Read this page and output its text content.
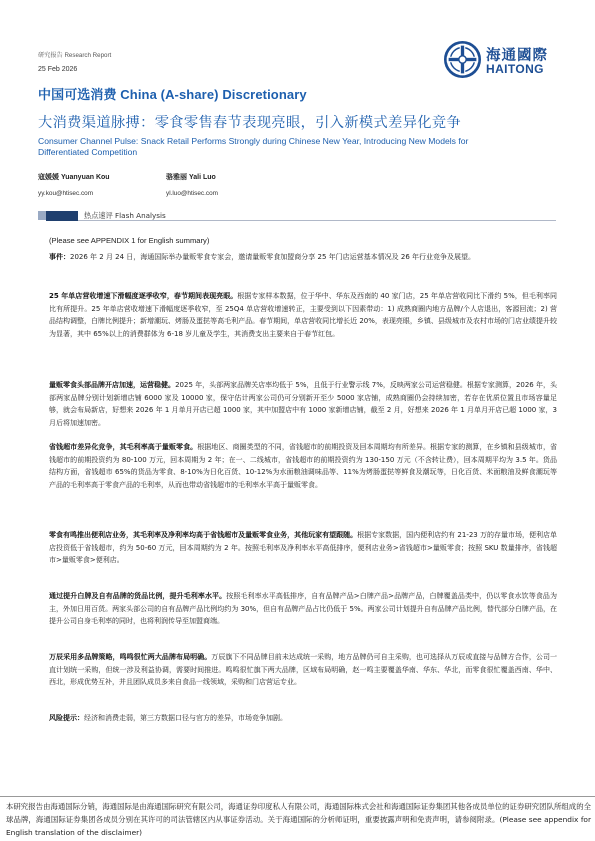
研究报告 Research Report
25 Feb 2026
中国可选消费 China (A-share) Discretionary
海通國際
HAITONG
大消费渠道脉搏：零食零售春节表现亮眼，引入新模式差异化竞争
Consumer Channel Pulse: Snack Retail Performs Strongly during Chinese New Year, Introducing New Models for Differentiated Competition
寇媛媛 Yuanyuan Kou
yy.kou@htisec.com
骆雅丽 Yali Luo
yl.luo@htisec.com
热点速评 Flash Analysis
(Please see APPENDIX 1 for English summary)
事件：2026 年 2 月 24 日，海通国际举办量贩零食专家会，邀请量贩零食加盟商分享 25 年门店运营基本情况及 26 年行业竞争及展望。
25 年单店营收增速下滑幅度逐季收窄，春节期间表现亮眼。根据专家样本数据，位于华中、华东及西南的 40 家门店，25 年单店营收同比下滑约 5%，但毛利率同比有所提升。25 年单店营收增速下滑幅度逐季收窄，至 25Q4 单店营收增速转正，主要受到以下因素带动：1) 成熟商圈内地方品牌/个人店退出，客源回流；2) 营品结构调整，白牌比例提升；新增潮玩、烤肠及蛋挞等高毛利产品。春节期间，单店营收同比增长近 20%，表现亮眼，乡镇、县级城市及农村市场的门店业绩提升较为显著，其中 65%以上的消费群体为 6-18 岁儿童及学生，其消费支出主要来自于春节红包。
量贩零食头部品牌开店加速，运营稳健。2025 年，头部两家品牌关店率均低于 5%，且低于行业警示线 7%，反映两家公司运营稳健。根据专家测算，2026 年，头部两家品牌分别计划新增店铺 6000 家及 10000 家，保守估计两家公司仍可分别新开至少 5000 家店铺，成熟商圈仍会持续加密，若存在优质位置且市场容量足够，就会布局新店，好想来 2026 年 1 月单月开店已超 1000 家，其中加盟店中有 1000 家新增店铺，截至 2 月，好想来 2026 年 1 月单月开店已超 1000 家，3 月后将加速加密。
省钱超市差异化竞争，其毛利率高于量贩零食。根据地区、商圈类型的不同，省钱超市的前期投资及回本周期均有所差异。根据专家的测算，在乡镇和县级城市，省钱超市的前期投资约为 80-100 万元，回本周期为 2 年；在一、二线城市，省钱超市的前期投资约为 130-150 万元（不含转让费），回本周期平均为 3.5 年。货品结构方面，省钱超市 65%的货品为零食、8-10%为日化百货、10-12%为水面粮油调味品等、11%为烤肠蛋挞等鲜食及潮玩等，日化百货、米面粮油及鲜食潮玩等产品的毛利率高于零食产品的毛利率，从而也带动省钱超市的毛利率水平高于量贩零食。
零食有鸣推出便利店业务，其毛利率及净利率均高于省钱超市及量贩零食业务，其他玩家有望跟随。根据专家数据，国内便利店约有 21-23 万的存量市场，便利店单店投资低于省钱超市，约为 50-60 万元，回本周期约为 2 年。按照毛利率及净利率水平高低排序，便利店业务>省钱超市>量贩零食；按照 SKU 数量排序，省钱超市>量贩零食>便利店。
通过提升白牌及自有品牌的货品比例，提升毛利率水平。按照毛利率水平高低排序，自有品牌产品>白牌产品>品牌产品，白牌覆盖品类中，仍以零食水饮等食品为主，外加日用百货。两家头部公司的自有品牌产品比例均约为 30%，但自有品牌产品占比仍低于 5%。两家公司计划提升自有品牌产品比例，替代部分白牌产品，在提升公司自身毛利率的同时，也将利润传导至加盟商端。
万辰采用多品牌策略，鸣鸣很忙两大品牌布局明确。万辰旗下不同品牌目前未达成统一采购，地方品牌仍可自主采购，也可选择从万辰或直接与品牌方合作，公司一直计划统一采购，但统一涉及利益协调，需要时间推进。鸣鸣很忙旗下两大品牌，区域布局明确，赵一鸣主要覆盖华南、华东、华北，而零食很忙覆盖西南、华中、西北，形成优势互补，并且团队成员多来自食品一线领域，采购和门店营运专业。
风险提示：经济和消费走弱，第三方数据口径与官方的差异，市场竞争加剧。
本研究报告由海通国际分销，海通国际是由海通国际研究有限公司，海通证券印度私人有限公司，海通国际株式会社和海通国际证券集团其他各成员单位的证券研究团队所组成的全球品牌，海通国际证券集团各成员分别在其许可的司法管辖区内从事证券活动。关于海通国际的分析师证明，重要披露声明和免责声明，请参阅附录。(Please see appendix for English translation of the disclaimer)
